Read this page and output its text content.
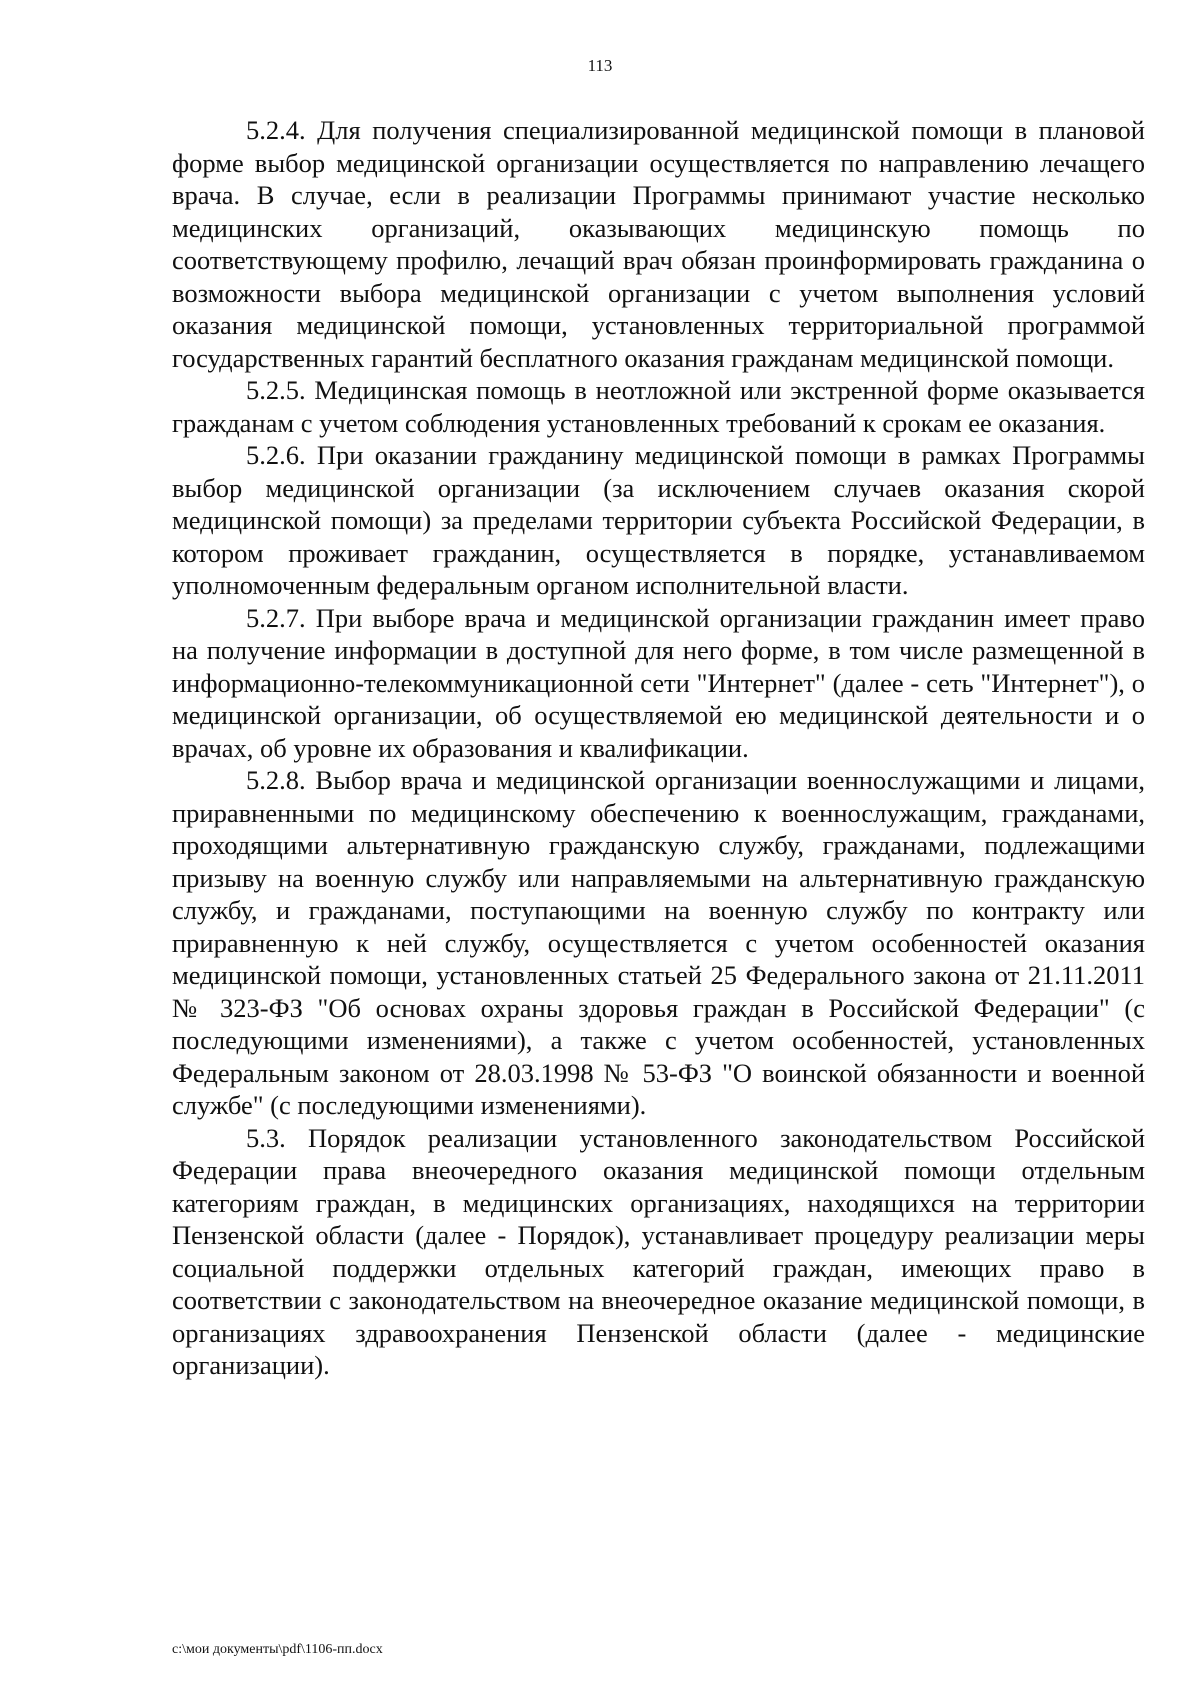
113

5.2.4. Для получения специализированной медицинской помощи в плановой форме выбор медицинской организации осуществляется по направлению лечащего врача. В случае, если в реализации Программы принимают участие несколько медицинских организаций, оказывающих медицинскую помощь по соответствующему профилю, лечащий врач обязан проинформировать гражданина о возможности выбора медицинской организации с учетом выполнения условий оказания медицинской помощи, установленных территориальной программой государственных гарантий бесплатного оказания гражданам медицинской помощи.

5.2.5. Медицинская помощь в неотложной или экстренной форме оказывается гражданам с учетом соблюдения установленных требований к срокам ее оказания.

5.2.6. При оказании гражданину медицинской помощи в рамках Программы выбор медицинской организации (за исключением случаев оказания скорой медицинской помощи) за пределами территории субъекта Российской Федерации, в котором проживает гражданин, осуществляется в порядке, устанавливаемом уполномоченным федеральным органом исполнительной власти.

5.2.7. При выборе врача и медицинской организации гражданин имеет право на получение информации в доступной для него форме, в том числе размещенной в информационно-телекоммуникационной сети "Интернет" (далее - сеть "Интернет"), о медицинской организации, об осуществляемой ею медицинской деятельности и о врачах, об уровне их образования и квалификации.

5.2.8. Выбор врача и медицинской организации военнослужащими и лицами, приравненными по медицинскому обеспечению к военнослужащим, гражданами, проходящими альтернативную гражданскую службу, гражданами, подлежащими призыву на военную службу или направляемыми на альтернативную гражданскую службу, и гражданами, поступающими на военную службу по контракту или приравненную к ней службу, осуществляется с учетом особенностей оказания медицинской помощи, установленных статьей 25 Федерального закона от 21.11.2011 № 323-ФЗ "Об основах охраны здоровья граждан в Российской Федерации" (с последующими изменениями), а также с учетом особенностей, установленных Федеральным законом от 28.03.1998 № 53-ФЗ "О воинской обязанности и военной службе" (с последующими изменениями).

5.3. Порядок реализации установленного законодательством Российской Федерации права внеочередного оказания медицинской помощи отдельным категориям граждан, в медицинских организациях, находящихся на территории Пензенской области (далее - Порядок), устанавливает процедуру реализации меры социальной поддержки отдельных категорий граждан, имеющих право в соответствии с законодательством на внеочередное оказание медицинской помощи, в организациях здравоохранения Пензенской области (далее - медицинские организации).

c:\мои документы\pdf\1106-пп.docx
